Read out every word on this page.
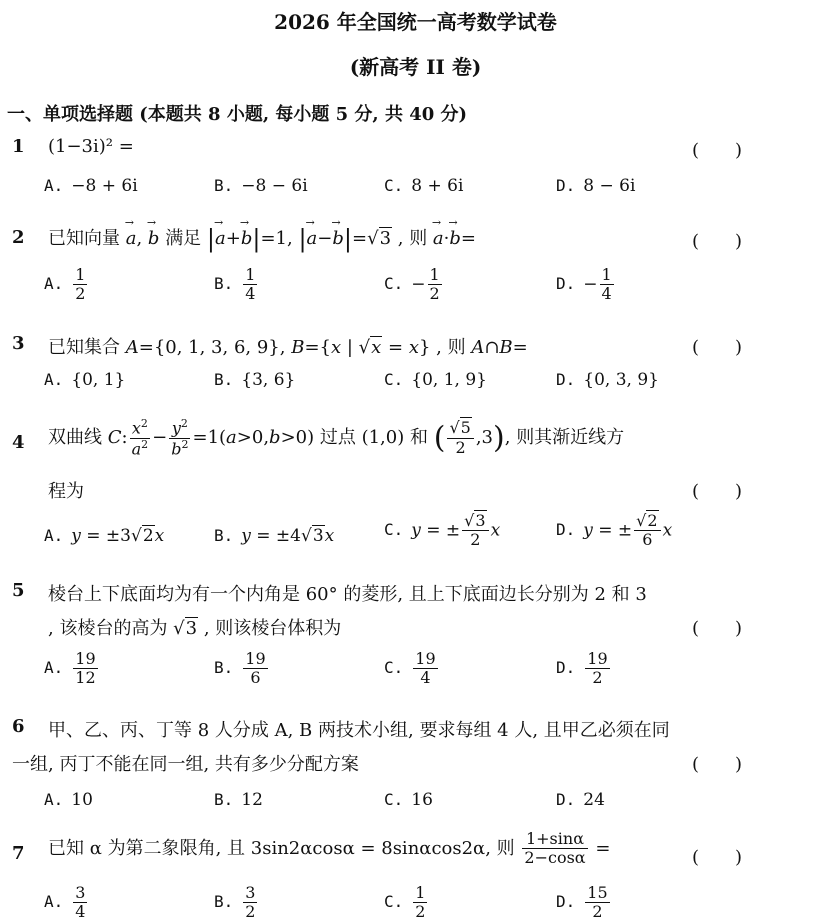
2026 年全国统一高考数学试卷
(新高考 II 卷)
一、单项选择题 (本题共 8 小题, 每小题 5 分, 共 40 分)
1 (1−3i)² =	(　　)
A. −8 + 6i	B. −8 − 6i	C. 8 + 6i	D. 8 − 6i
2 已知向量 → a, → b 满足 |→ a+→ b|=1, |→ a−→ b|=√3 , 则 → a·→ b=	(　　)
A. $\frac{1}{2}$	B. $\frac{1}{4}$	C. − $\frac{1}{2}$	D. − $\frac{1}{4}$
3 已知集合 A={0, 1, 3, 6, 9}, B={x | √x = x} , 则 A∩B=	(　　)
A. {0, 1}	B. {3, 6}	C. {0, 1, 9}	D. {0, 3, 9}
4 双曲线 C: $\frac{x^2}{a^2} - \frac{y^2}{b^2} =1(a>0,b>0)$ 过点 (1,0) 和 ( $\frac{√5}{2} ,3$), 则其渐近线方
程为	(　　)
A. y = ±3√2x	B. y = ±4√3x	C. y = ± $\frac{√3}{2}$ x	D. y = ± $\frac{√2}{6}$ x
5 棱台上下底面均为有一个内角是 60° 的菱形, 且上下底面边长分别为 2 和 3
, 该棱台的高为 √3 , 则该棱台体积为	(　　)
A. $\frac{19}{12}$	B. $\frac{19}{6}$	C. $\frac{19}{4}$	D. $\frac{19}{2}$
6 甲、乙、丙、丁等 8 人分成 A, B 两技术小组, 要求每组 4 人, 且甲乙必须在同
一组, 丙丁不能在同一组, 共有多少分配方案	(　　)
A. 10	B. 12	C. 16	D. 24
7 已知 α 为第二象限角, 且 3sin2αcosα = 8sinαcos2α, 则 $\frac{1+\sin\alpha}{2-\cos\alpha}$ =	(　　)
A. $\frac{3}{4}$	B. $\frac{3}{2}$	C. $\frac{1}{2}$	D. $\frac{15}{2}$
